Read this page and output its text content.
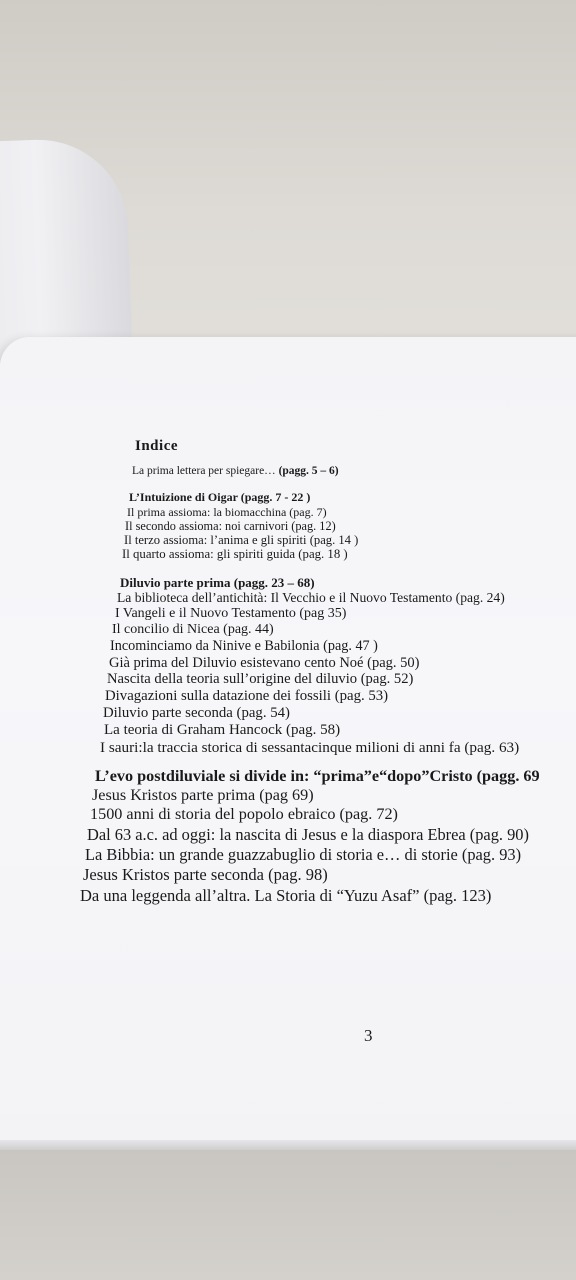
Indice
La prima lettera per spiegare… (pagg. 5 – 6)
L’Intuizione di Oigar (pagg. 7 - 22 )
Il prima assioma: la biomacchina (pag. 7)
Il secondo assioma: noi carnivori (pag. 12)
Il terzo assioma: l’anima e gli spiriti (pag. 14 )
Il quarto assioma: gli spiriti guida (pag. 18 )
Diluvio parte prima (pagg. 23 – 68)
La biblioteca dell’antichità: Il Vecchio e il Nuovo Testamento (pag. 24)
I Vangeli e il Nuovo Testamento (pag 35)
Il concilio di Nicea (pag. 44)
Incominciamo da Ninive e Babilonia (pag. 47 )
Già prima del Diluvio esistevano cento Noé (pag. 50)
Nascita della teoria sull’origine del diluvio (pag. 52)
Divagazioni sulla datazione dei fossili (pag. 53)
Diluvio parte seconda (pag. 54)
La teoria di Graham Hancock (pag. 58)
I sauri:la traccia storica di sessantacinque milioni di anni fa (pag. 63)
L’evo postdiluviale si divide in: “prima”e“dopo”Cristo (pagg. 69
Jesus Kristos parte prima (pag 69)
1500 anni di storia del popolo ebraico (pag. 72)
Dal 63 a.c. ad oggi: la nascita di Jesus e la diaspora Ebrea (pag. 90)
La Bibbia: un grande guazzabuglio di storia e… di storie (pag. 93)
Jesus Kristos parte seconda (pag. 98)
Da una leggenda all’altra. La Storia di “Yuzu Asaf” (pag. 123)
3
